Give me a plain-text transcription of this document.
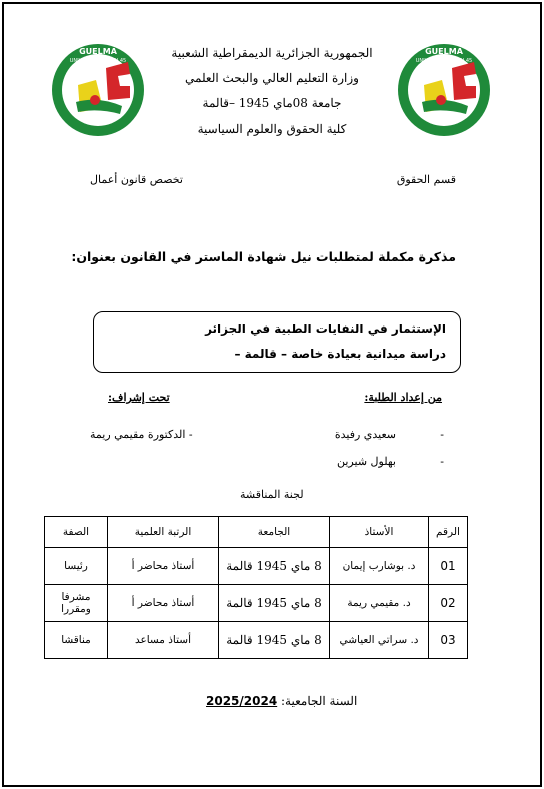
GUELMA
UNIVERSITE 08 MAI 45
GUELMA
UNIVERSITE 08 MAI 45
الجمهورية الجزائرية الديمقراطية الشعبية
وزارة التعليم العالي والبحث العلمي
جامعة 08ماي 1945 –قالمة
كلية الحقوق والعلوم السياسية
قسم الحقوق
تخصص قانون أعمال
مذكرة مكملة لمتطلبات نيل شهادة الماستر في القانون بعنوان:
الإستثمار في النفايات الطبية في الجزائر
دراسة ميدانية بعيادة خاصة – قالمة –
من إعداد الطلبة:
تحت إشراف:
-
سعيدي رفيدة
- الدكتورة مقيمي ريمة
-
بهلول شيرين
لجنة المناقشة
الرقم	الأستاذ	الجامعة	الرتبة العلمية	الصفة
01	د. بوشارب إيمان	8 ماي 1945 قالمة	أستاذ محاضر أ	رئيسا
02	د. مقيمي ريمة	8 ماي 1945 قالمة	أستاذ محاضر أ	مشرفا ومقررا
03	د. سراتي العياشي	8 ماي 1945 قالمة	أستاذ مساعد	مناقشا
السنة الجامعية: 2025/2024
